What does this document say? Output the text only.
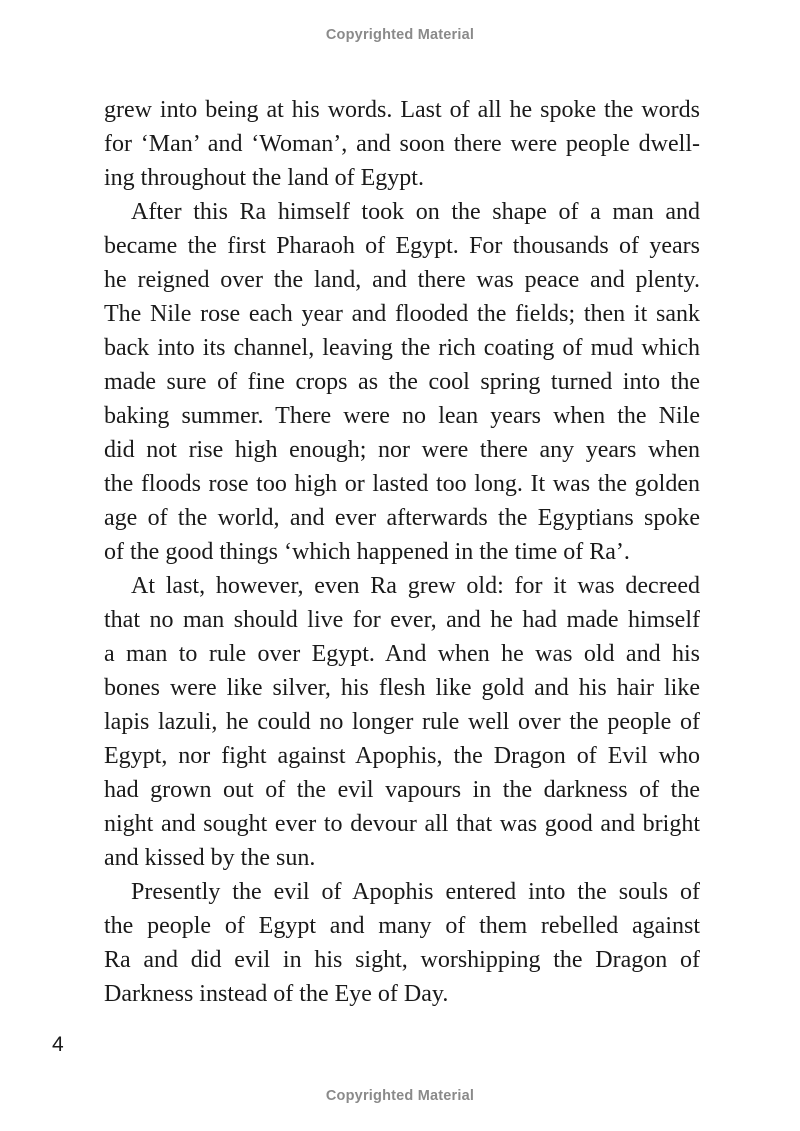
Copyrighted Material
grew into being at his words. Last of all he spoke the words
for ‘Man’ and ‘Woman’, and soon there were people dwell-
ing throughout the land of Egypt.
After this Ra himself took on the shape of a man and
became the first Pharaoh of Egypt. For thousands of years
he reigned over the land, and there was peace and plenty.
The Nile rose each year and flooded the fields; then it sank
back into its channel, leaving the rich coating of mud which
made sure of fine crops as the cool spring turned into the
baking summer. There were no lean years when the Nile
did not rise high enough; nor were there any years when
the floods rose too high or lasted too long. It was the golden
age of the world, and ever afterwards the Egyptians spoke
of the good things ‘which happened in the time of Ra’.
At last, however, even Ra grew old: for it was decreed
that no man should live for ever, and he had made himself
a man to rule over Egypt. And when he was old and his
bones were like silver, his flesh like gold and his hair like
lapis lazuli, he could no longer rule well over the people of
Egypt, nor fight against Apophis, the Dragon of Evil who
had grown out of the evil vapours in the darkness of the
night and sought ever to devour all that was good and bright
and kissed by the sun.
Presently the evil of Apophis entered into the souls of
the people of Egypt and many of them rebelled against
Ra and did evil in his sight, worshipping the Dragon of
Darkness instead of the Eye of Day.
4
Copyrighted Material
